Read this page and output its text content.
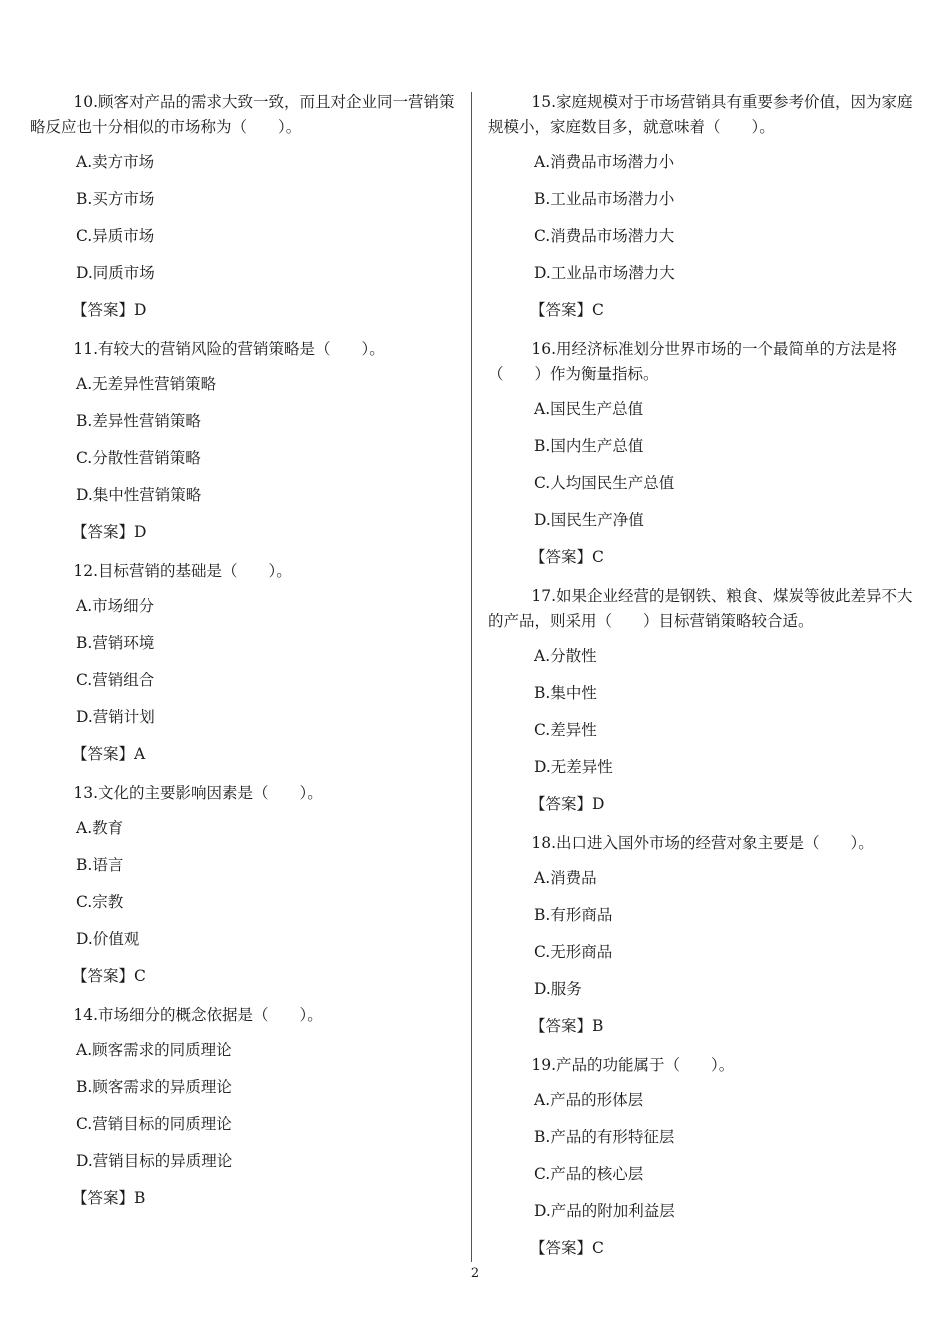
10.顾客对产品的需求大致一致，而且对企业同一营销策略反应也十分相似的市场称为（　　）。

A.卖方市场

B.买方市场

C.异质市场

D.同质市场

【答案】D

11.有较大的营销风险的营销策略是（　　）。

A.无差异性营销策略

B.差异性营销策略

C.分散性营销策略

D.集中性营销策略

【答案】D

12.目标营销的基础是（　　）。

A.市场细分

B.营销环境

C.营销组合

D.营销计划

【答案】A

13.文化的主要影响因素是（　　）。

A.教育

B.语言

C.宗教

D.价值观

【答案】C

14.市场细分的概念依据是（　　）。

A.顾客需求的同质理论

B.顾客需求的异质理论

C.营销目标的同质理论

D.营销目标的异质理论

【答案】B

15.家庭规模对于市场营销具有重要参考价值，因为家庭规模小，家庭数目多，就意味着（　　）。

A.消费品市场潜力小

B.工业品市场潜力小

C.消费品市场潜力大

D.工业品市场潜力大

【答案】C

16.用经济标准划分世界市场的一个最简单的方法是将（　　）作为衡量指标。

A.国民生产总值

B.国内生产总值

C.人均国民生产总值

D.国民生产净值

【答案】C

17.如果企业经营的是钢铁、粮食、煤炭等彼此差异不大的产品，则采用（　　）目标营销策略较合适。

A.分散性

B.集中性

C.差异性

D.无差异性

【答案】D

18.出口进入国外市场的经营对象主要是（　　）。

A.消费品

B.有形商品

C.无形商品

D.服务

【答案】B

19.产品的功能属于（　　）。

A.产品的形体层

B.产品的有形特征层

C.产品的核心层

D.产品的附加利益层

【答案】C

2
